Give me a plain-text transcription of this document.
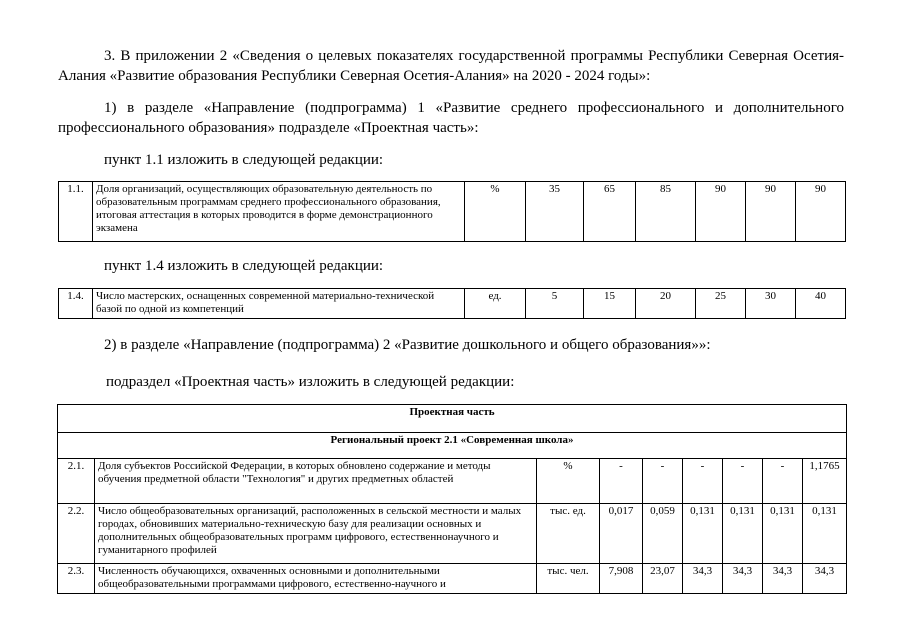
3. В приложении 2 «Сведения о целевых показателях государственной программы Республики Северная Осетия-Алания «Развитие образования Республики Северная Осетия-Алания» на 2020 - 2024 годы»:

1) в разделе «Направление (подпрограмма) 1 «Развитие среднего профессионального и дополнительного профессионального образования» подразделе «Проектная часть»:

пункт 1.1 изложить в следующей редакции:

1.1.	Доля организаций, осуществляющих образовательную деятельность по образовательным программам среднего профессионального образования, итоговая аттестация в которых проводится в форме демонстрационного экзамена	%	35	65	85	90	90	90

пункт 1.4 изложить в следующей редакции:

1.4.	Число мастерских, оснащенных современной материально-технической базой по одной из компетенций	ед.	5	15	20	25	30	40

2) в разделе «Направление (подпрограмма) 2 «Развитие дошкольного и общего образования»»:

подраздел «Проектная часть» изложить в следующей редакции:

Проектная часть								
Региональный проект 2.1 «Современная школа»								
2.1.	Доля субъектов Российской Федерации, в которых обновлено содержание и методы обучения предметной области "Технология" и других предметных областей	%	-	-	-	-	-	1,1765
2.2.	Число общеобразовательных организаций, расположенных в сельской местности и малых городах, обновивших материально-техническую базу для реализации основных и дополнительных общеобразовательных программ цифрового, естественнонаучного и гуманитарного профилей	тыс. ед.	0,017	0,059	0,131	0,131	0,131	0,131
2.3.	Численность обучающихся, охваченных основными и дополнительными общеобразовательными программами цифрового, естественно-научного и	тыс. чел.	7,908	23,07	34,3	34,3	34,3	34,3
